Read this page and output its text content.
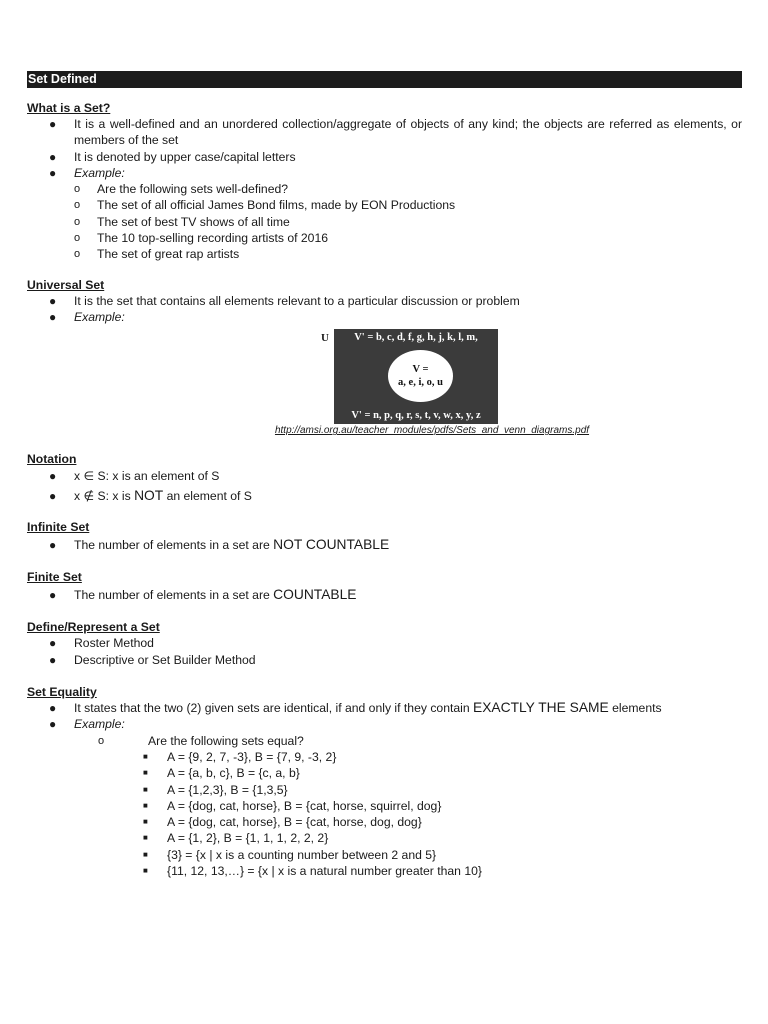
Set Defined
What is a Set?
● It is a well-defined and an unordered collection/aggregate of objects of any kind; the objects are referred as elements, or members of the set
● It is denoted by upper case/capital letters
● Example:
o Are the following sets well-defined?
o The set of all official James Bond films, made by EON Productions
o The set of best TV shows of all time
o The 10 top-selling recording artists of 2016
o The set of great rap artists
Universal Set
● It is the set that contains all elements relevant to a particular discussion or problem
● Example:
U	V' = b, c, d, f, g, h, j, k, l, m,
V =
a, e, i, o, u
V' = n, p, q, r, s, t, v, w, x, y, z
http://amsi.org.au/teacher_modules/pdfs/Sets_and_venn_diagrams.pdf
Notation
● x ∈ S: x is an element of S
● x ∉ S: x is NOT an element of S
Infinite Set
● The number of elements in a set are NOT COUNTABLE
Finite Set
● The number of elements in a set are COUNTABLE
Define/Represent a Set
● Roster Method
● Descriptive or Set Builder Method
Set Equality
● It states that the two (2) given sets are identical, if and only if they contain EXACTLY THE SAME elements
● Example:
o	Are the following sets equal?
■ A = {9, 2, 7, -3}, B = {7, 9, -3, 2}
■ A = {a, b, c}, B = {c, a, b}
■ A = {1,2,3}, B = {1,3,5}
■ A = {dog, cat, horse}, B = {cat, horse, squirrel, dog}
■ A = {dog, cat, horse}, B = {cat, horse, dog, dog}
■ A = {1, 2}, B = {1, 1, 1, 2, 2, 2}
■ {3} = {x | x is a counting number between 2 and 5}
■ {11, 12, 13,…} = {x | x is a natural number greater than 10}
